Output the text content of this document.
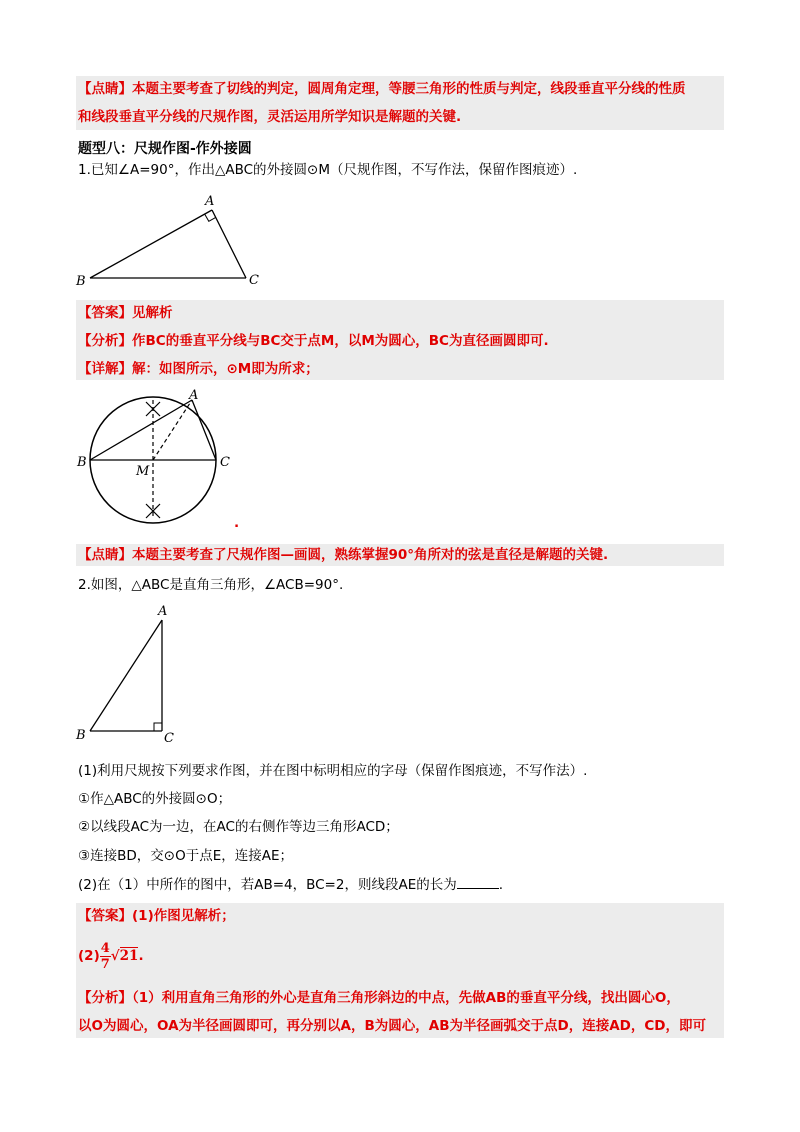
【点睛】本题主要考查了切线的判定，圆周角定理，等腰三角形的性质与判定，线段垂直平分线的性质
和线段垂直平分线的尺规作图，灵活运用所学知识是解题的关键.
题型八：尺规作图-作外接圆
1.已知∠A=90°，作出△ABC的外接圆⊙M（尺规作图，不写作法，保留作图痕迹）.
A
B	C
【答案】见解析
【分析】作BC的垂直平分线与BC交于点M，以M为圆心，BC为直径画圆即可.
【详解】解：如图所示，⊙M即为所求；
A
B	C
M
.
【点睛】本题主要考查了尺规作图—画圆，熟练掌握90°角所对的弦是直径是解题的关键.
2.如图，△ABC是直角三角形，∠ACB=90°.
A
B	C
(1)利用尺规按下列要求作图，并在图中标明相应的字母（保留作图痕迹，不写作法）.
①作△ABC的外接圆⊙O；
②以线段AC为一边，在AC的右侧作等边三角形ACD；
③连接BD，交⊙O于点E，连接AE；
(2)在（1）中所作的图中，若AB=4，BC=2，则线段AE的长为	.
【答案】(1)作图见解析；
$(2) \frac{4}{7} √21$.
【分析】（1）利用直角三角形的外心是直角三角形斜边的中点，先做AB的垂直平分线，找出圆心O，
以O为圆心，OA为半径画圆即可，再分别以A，B为圆心，AB为半径画弧交于点D，连接AD，CD，即可
